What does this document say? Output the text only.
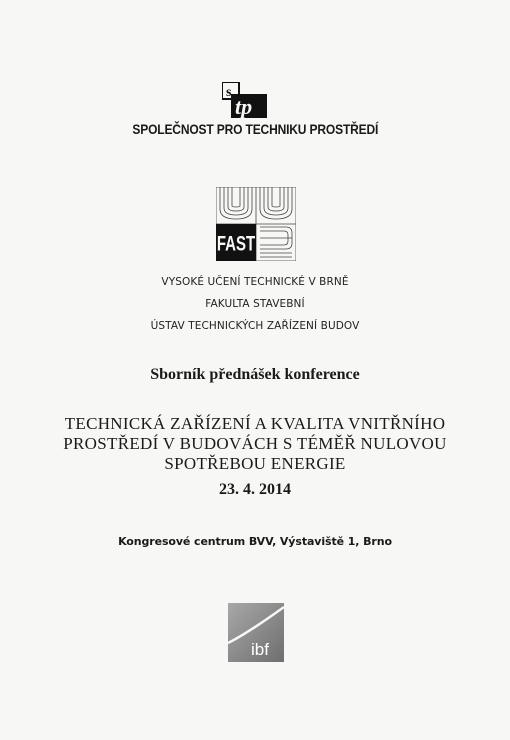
s
tp
SPOLEČNOST PRO TECHNIKU PROSTŘEDÍ
FAST
VYSOKÉ UČENÍ TECHNICKÉ V BRNĚ
FAKULTA STAVEBNÍ
ÚSTAV TECHNICKÝCH ZAŘÍZENÍ BUDOV
Sborník přednášek konference
TECHNICKÁ ZAŘÍZENÍ A KVALITA VNITŘNÍHO
PROSTŘEDÍ V BUDOVÁCH S TÉMĚŘ NULOVOU
SPOTŘEBOU ENERGIE
23. 4. 2014
Kongresové centrum BVV, Výstaviště 1, Brno
ibf
